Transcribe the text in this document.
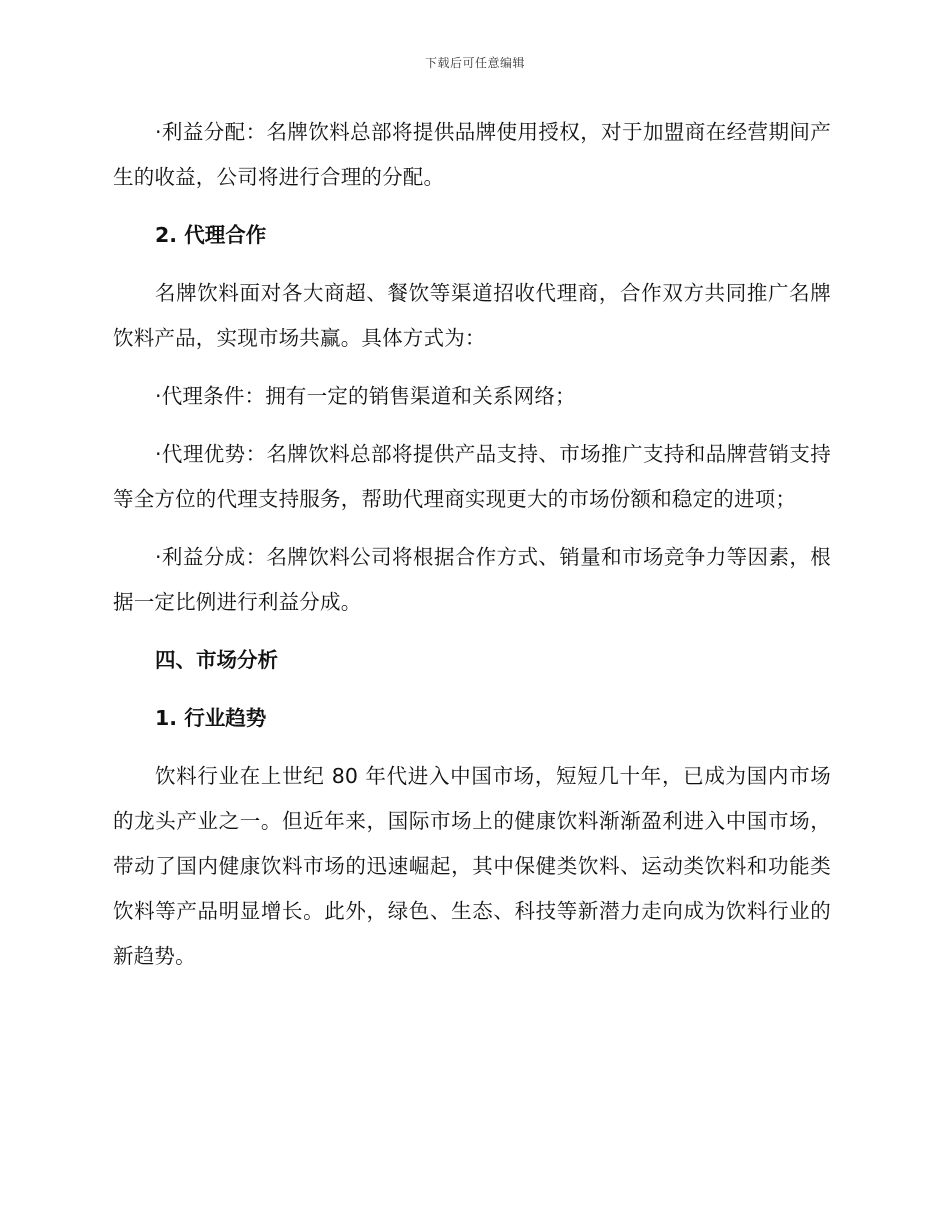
下载后可任意编辑

·利益分配：名牌饮料总部将提供品牌使用授权，对于加盟商在经营期间产生的收益，公司将进行合理的分配。

2. 代理合作

名牌饮料面对各大商超、餐饮等渠道招收代理商，合作双方共同推广名牌饮料产品，实现市场共赢。具体方式为：

·代理条件：拥有一定的销售渠道和关系网络；

·代理优势：名牌饮料总部将提供产品支持、市场推广支持和品牌营销支持等全方位的代理支持服务，帮助代理商实现更大的市场份额和稳定的进项；

·利益分成：名牌饮料公司将根据合作方式、销量和市场竞争力等因素，根据一定比例进行利益分成。

四、市场分析

1. 行业趋势

饮料行业在上世纪 80 年代进入中国市场，短短几十年，已成为国内市场的龙头产业之一。但近年来，国际市场上的健康饮料渐渐盈利进入中国市场，带动了国内健康饮料市场的迅速崛起，其中保健类饮料、运动类饮料和功能类饮料等产品明显增长。此外，绿色、生态、科技等新潜力走向成为饮料行业的新趋势。
